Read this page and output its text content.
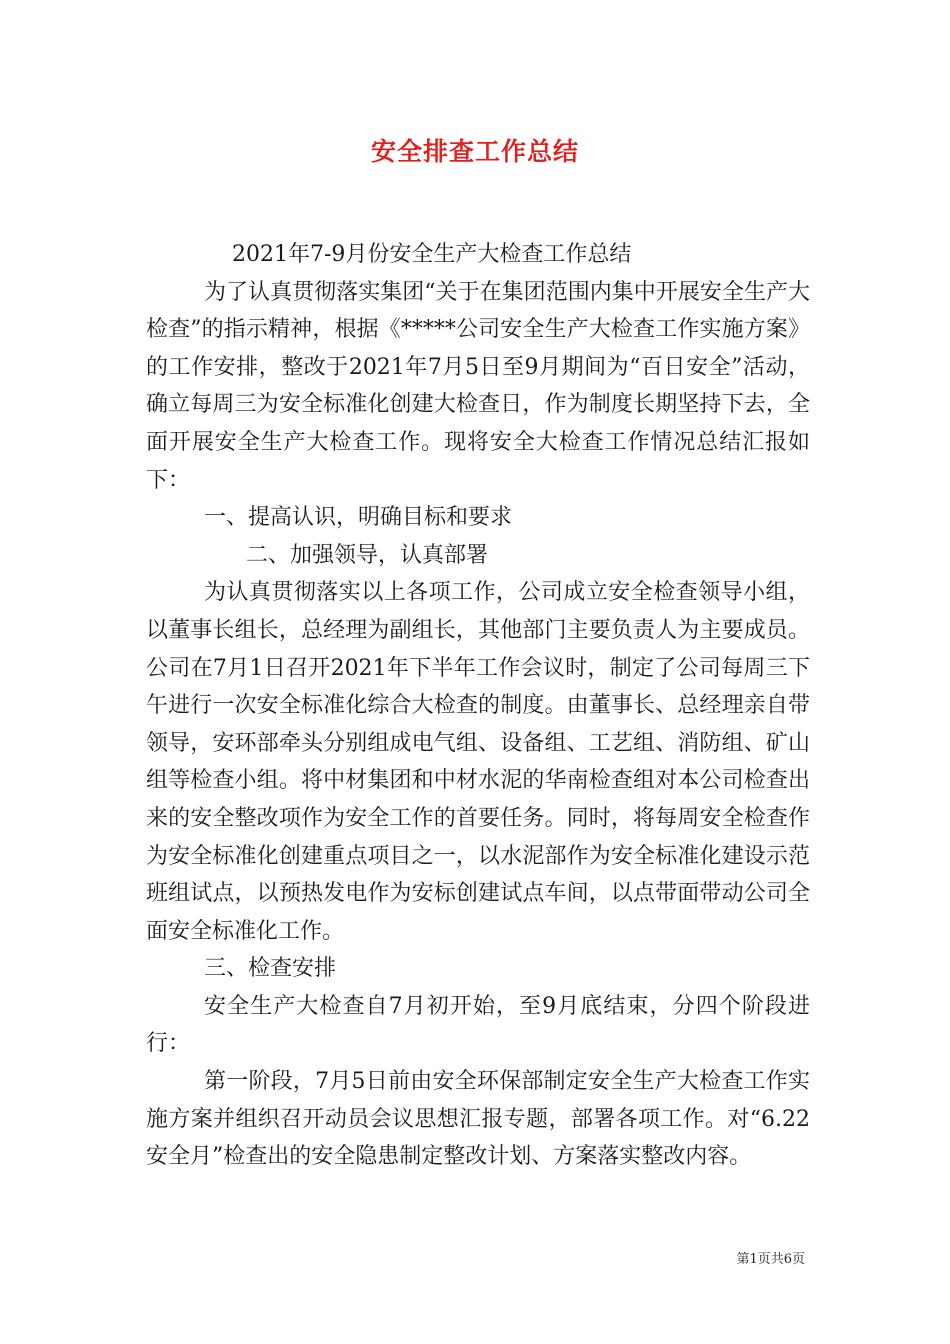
安全排查工作总结

2021年7-9月份安全生产大检查工作总结

为了认真贯彻落实集团“关于在集团范围内集中开展安全生产大检查”的指示精神，根据《*****公司安全生产大检查工作实施方案》的工作安排，整改于2021年7月5日至9月期间为“百日安全”活动，确立每周三为安全标准化创建大检查日，作为制度长期坚持下去，全面开展安全生产大检查工作。现将安全大检查工作情况总结汇报如下：

一、提高认识，明确目标和要求

二、加强领导，认真部署

为认真贯彻落实以上各项工作，公司成立安全检查领导小组，以董事长组长，总经理为副组长，其他部门主要负责人为主要成员。公司在7月1日召开2021年下半年工作会议时，制定了公司每周三下午进行一次安全标准化综合大检查的制度。由董事长、总经理亲自带领导，安环部牵头分别组成电气组、设备组、工艺组、消防组、矿山组等检查小组。将中材集团和中材水泥的华南检查组对本公司检查出来的安全整改项作为安全工作的首要任务。同时，将每周安全检查作为安全标准化创建重点项目之一，以水泥部作为安全标准化建设示范班组试点，以预热发电作为安标创建试点车间，以点带面带动公司全面安全标准化工作。

三、检查安排

安全生产大检查自7月初开始，至9月底结束，分四个阶段进行：

第一阶段，7月5日前由安全环保部制定安全生产大检查工作实施方案并组织召开动员会议思想汇报专题，部署各项工作。对“6.22安全月”检查出的安全隐患制定整改计划、方案落实整改内容。

第1页共6页
